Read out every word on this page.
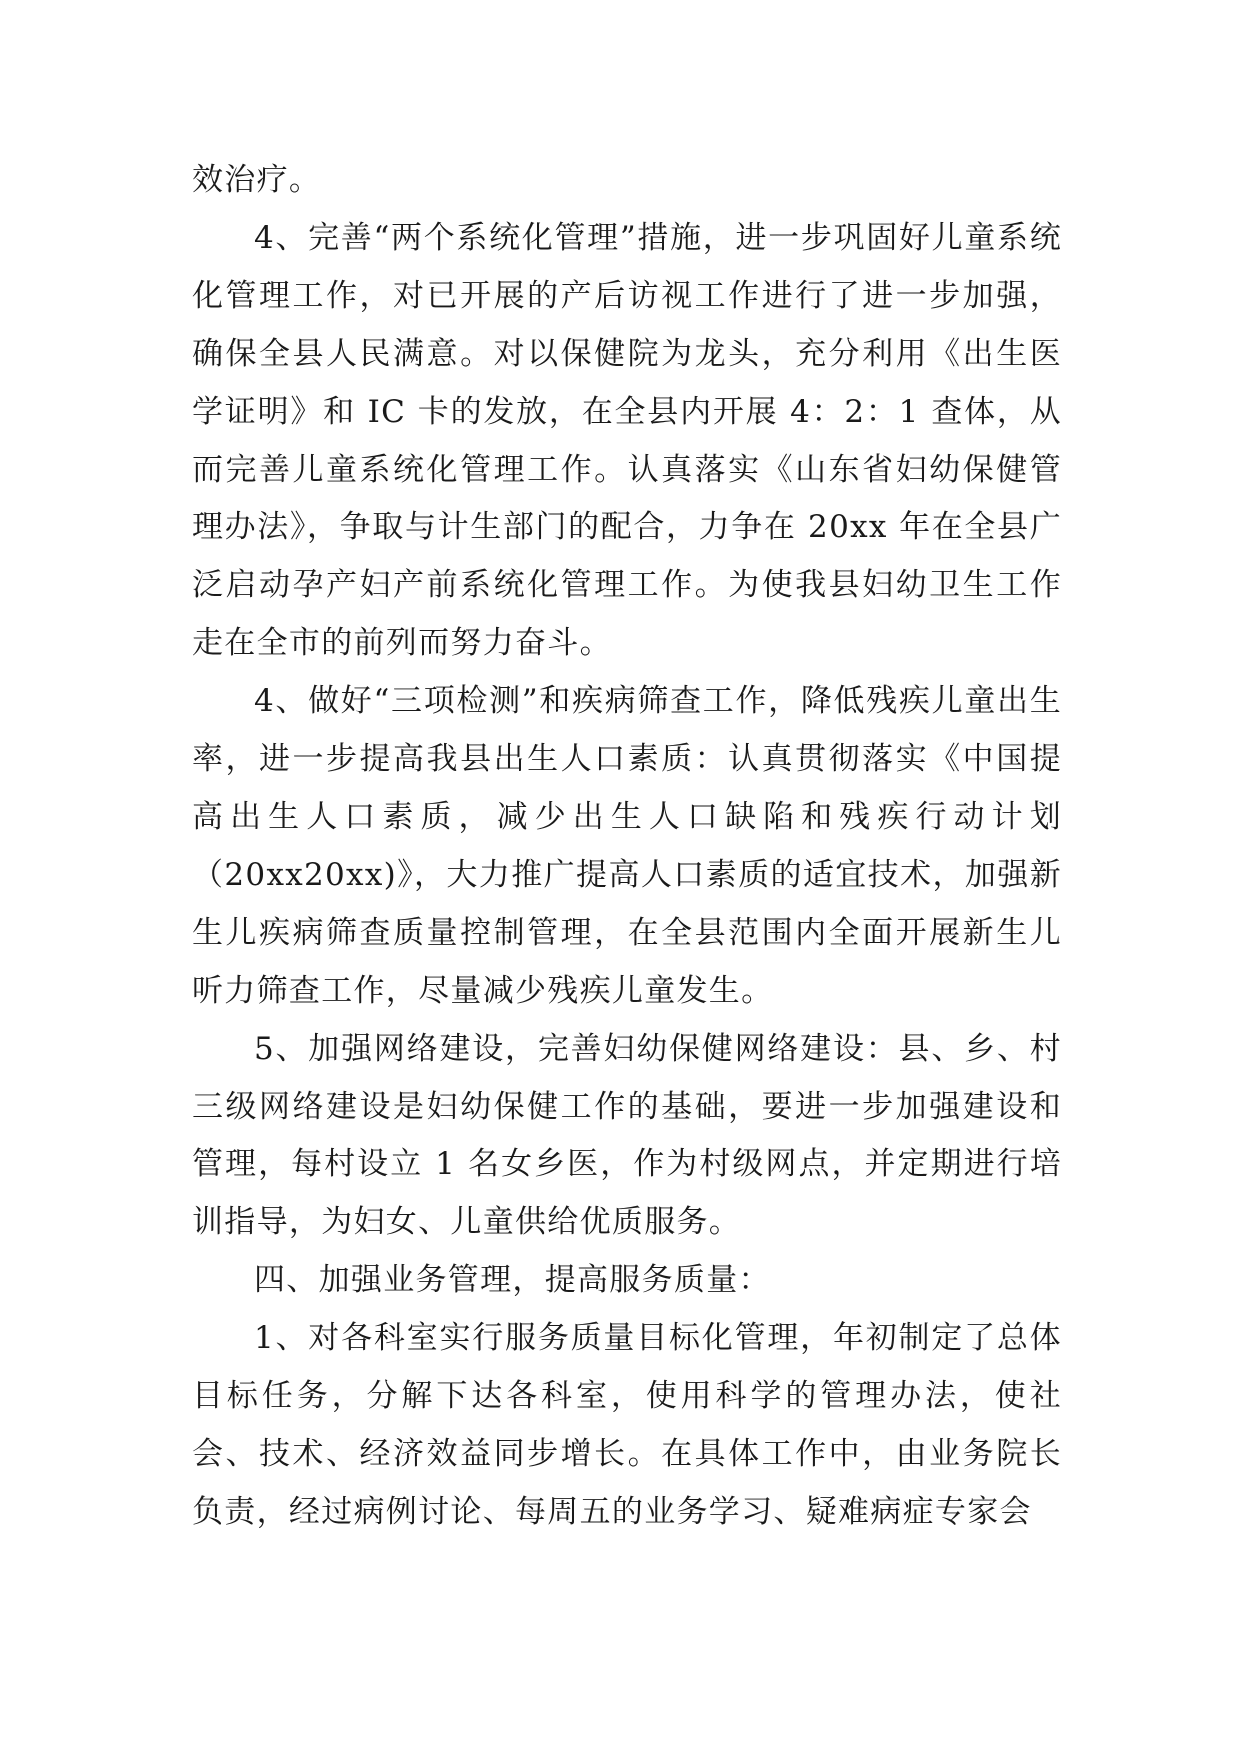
效治疗。

4、完善“两个系统化管理”措施，进一步巩固好儿童系统化管理工作，对已开展的产后访视工作进行了进一步加强，确保全县人民满意。对以保健院为龙头，充分利用《出生医学证明》和 IC 卡的发放，在全县内开展 4：2：1 查体，从而完善儿童系统化管理工作。认真落实《山东省妇幼保健管理办法》，争取与计生部门的配合，力争在 20xx 年在全县广泛启动孕产妇产前系统化管理工作。为使我县妇幼卫生工作走在全市的前列而努力奋斗。

4、做好“三项检测”和疾病筛查工作，降低残疾儿童出生率，进一步提高我县出生人口素质：认真贯彻落实《中国提高出生人口素质，减少出生人口缺陷和残疾行动计划（20xx20xx)》，大力推广提高人口素质的适宜技术，加强新生儿疾病筛查质量控制管理，在全县范围内全面开展新生儿听力筛查工作，尽量减少残疾儿童发生。

5、加强网络建设，完善妇幼保健网络建设：县、乡、村三级网络建设是妇幼保健工作的基础，要进一步加强建设和管理，每村设立 1 名女乡医，作为村级网点，并定期进行培训指导，为妇女、儿童供给优质服务。

四、加强业务管理，提高服务质量：

1、对各科室实行服务质量目标化管理，年初制定了总体目标任务，分解下达各科室，使用科学的管理办法，使社会、技术、经济效益同步增长。在具体工作中，由业务院长负责，经过病例讨论、每周五的业务学习、疑难病症专家会
